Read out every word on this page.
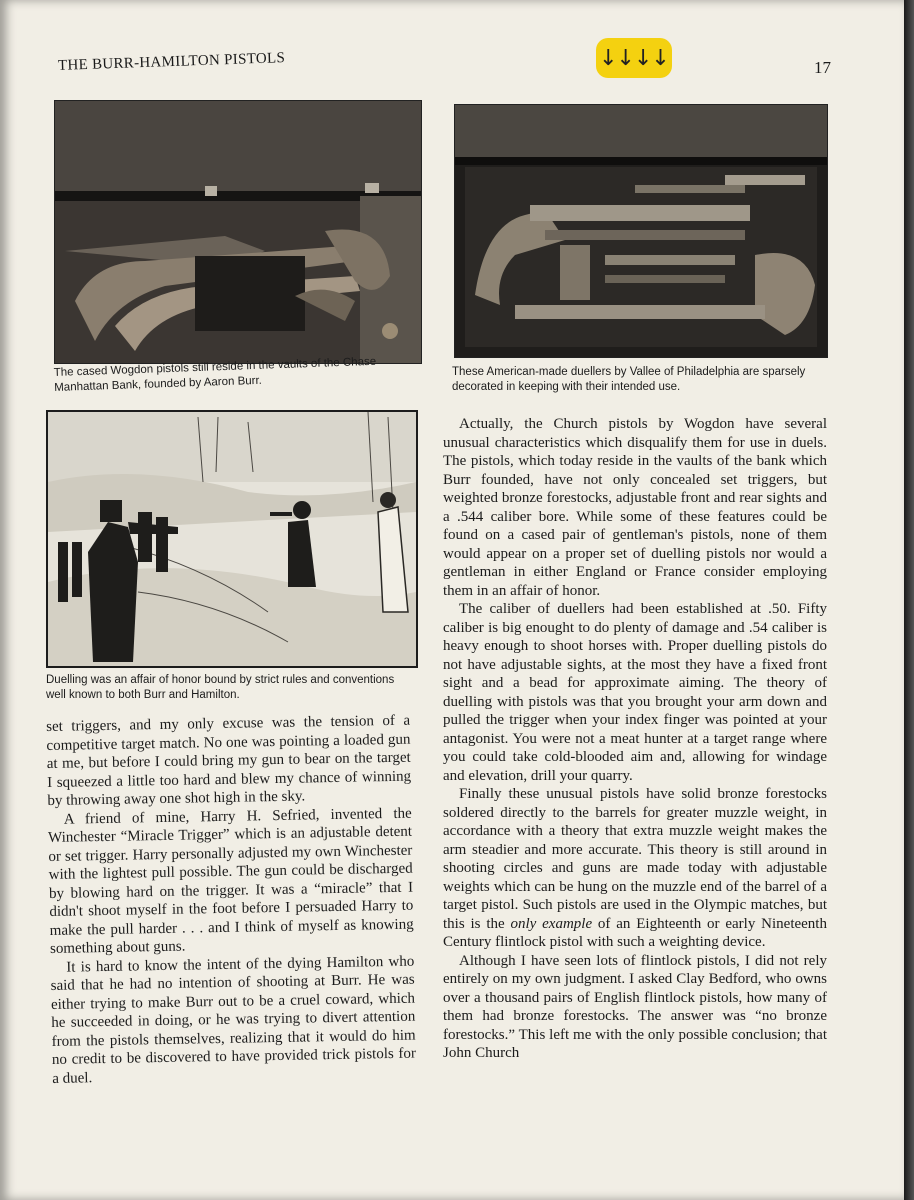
THE BURR-HAMILTON PISTOLS	17
↓↓↓↓
The cased Wogdon pistols still reside in the vaults of the Chase Manhattan Bank, founded by Aaron Burr.
These American-made duellers by Vallee of Philadelphia are sparsely decorated in keeping with their intended use.
Duelling was an affair of honor bound by strict rules and conventions well known to both Burr and Hamilton.

set triggers, and my only excuse was the tension of a competitive target match. No one was pointing a loaded gun at me, but before I could bring my gun to bear on the target I squeezed a little too hard and blew my chance of winning by throwing away one shot high in the sky.

A friend of mine, Harry H. Sefried, invented the Winchester “Miracle Trigger” which is an adjustable detent or set trigger. Harry personally adjusted my own Winchester with the lightest pull possible. The gun could be discharged by blowing hard on the trigger. It was a “miracle” that I didn't shoot myself in the foot before I persuaded Harry to make the pull harder . . . and I think of myself as knowing something about guns.

It is hard to know the intent of the dying Hamilton who said that he had no intention of shooting at Burr. He was either trying to make Burr out to be a cruel coward, which he succeeded in doing, or he was trying to divert attention from the pistols themselves, realizing that it would do him no credit to be discovered to have provided trick pistols for a duel.

Actually, the Church pistols by Wogdon have several unusual characteristics which disqualify them for use in duels. The pistols, which today reside in the vaults of the bank which Burr founded, have not only concealed set triggers, but weighted bronze forestocks, adjustable front and rear sights and a .544 caliber bore. While some of these features could be found on a cased pair of gentleman's pistols, none of them would appear on a proper set of duelling pistols nor would a gentleman in either England or France consider employing them in an affair of honor.

The caliber of duellers had been established at .50. Fifty caliber is big enought to do plenty of damage and .54 caliber is heavy enough to shoot horses with. Proper duelling pistols do not have adjustable sights, at the most they have a fixed front sight and a bead for approximate aiming. The theory of duelling with pistols was that you brought your arm down and pulled the trigger when your index finger was pointed at your antagonist. You were not a meat hunter at a target range where you could take cold-blooded aim and, allowing for windage and elevation, drill your quarry.

Finally these unusual pistols have solid bronze forestocks soldered directly to the barrels for greater muzzle weight, in accordance with a theory that extra muzzle weight makes the arm steadier and more accurate. This theory is still around in shooting circles and guns are made today with adjustable weights which can be hung on the muzzle end of the barrel of a target pistol. Such pistols are used in the Olympic matches, but this is the only example of an Eighteenth or early Nineteenth Century flintlock pistol with such a weighting device.

Although I have seen lots of flintlock pistols, I did not rely entirely on my own judgment. I asked Clay Bedford, who owns over a thousand pairs of English flintlock pistols, how many of them had bronze forestocks. The answer was “no bronze forestocks.” This left me with the only possible conclusion; that John Church
